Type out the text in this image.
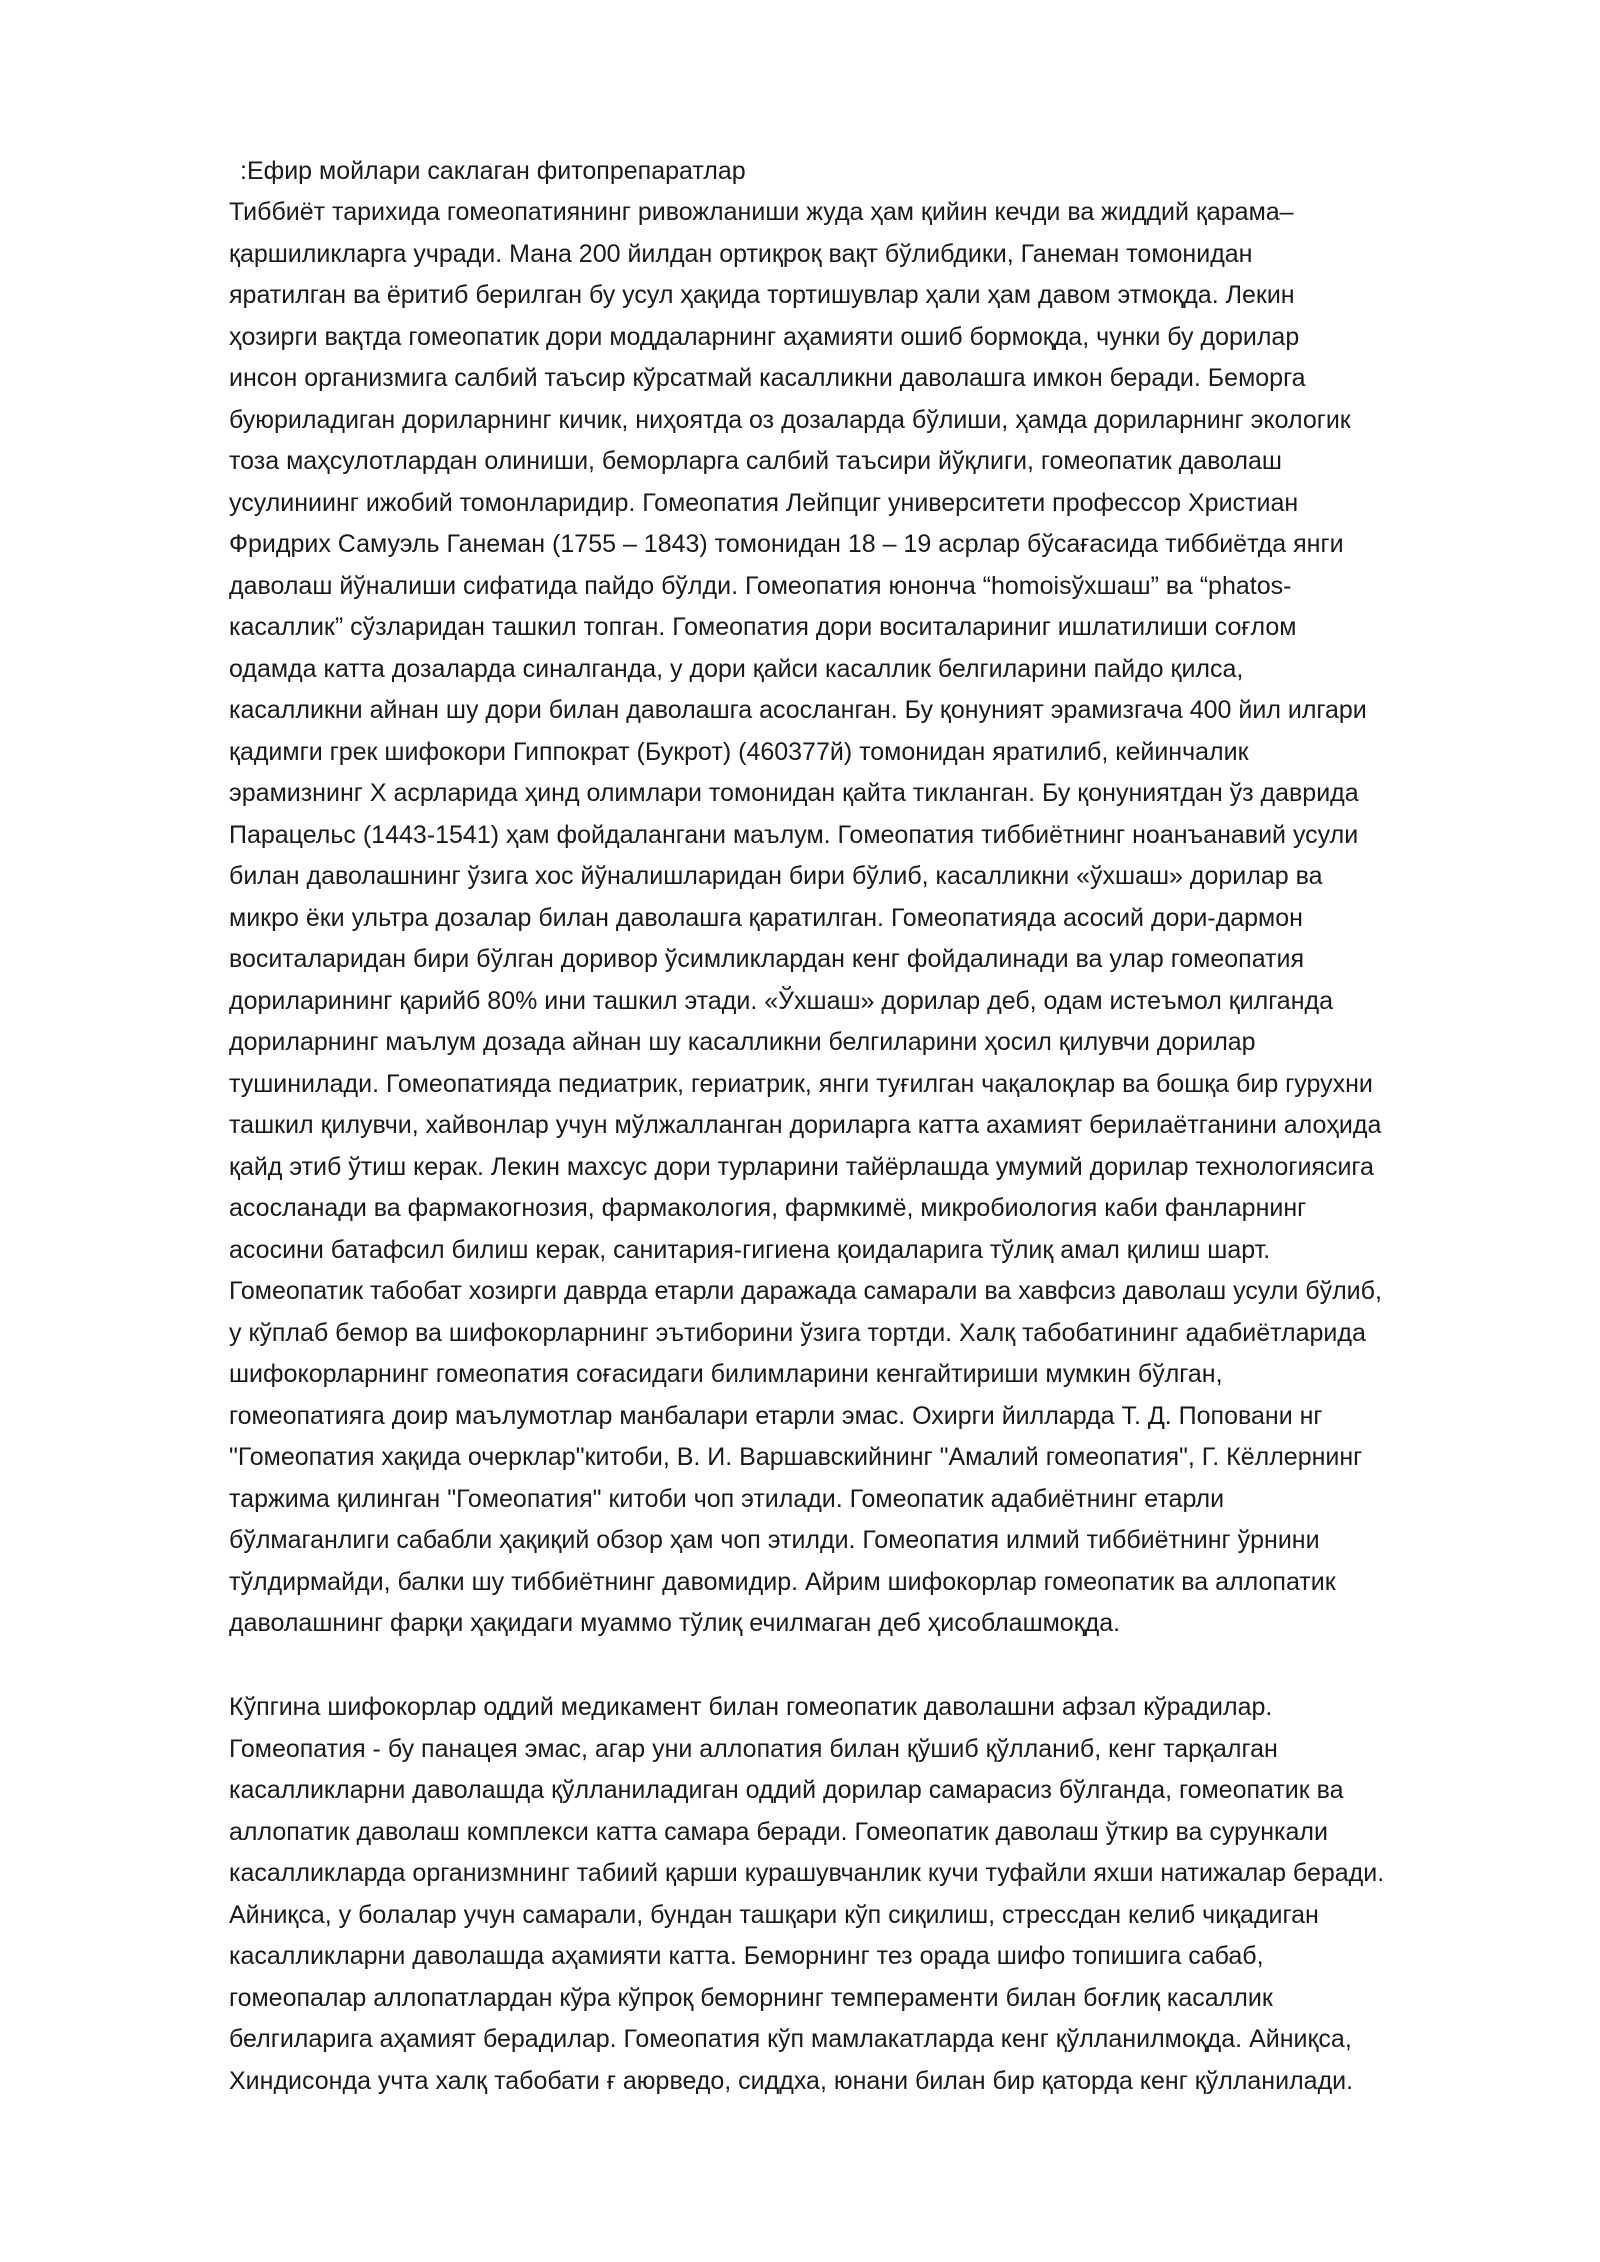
:Ефир мойлари саклаган фитопрепаратлар
Тиббиёт тарихида гомеопатиянинг ривожланиши жуда ҳам қийин кечди ва жиддий қарама–
қаршиликларга учради. Мана 200 йилдан ортиқроқ вақт бўлибдики, Ганеман томонидан
яратилган ва ёритиб берилган бу усул ҳақида тортишувлар ҳали ҳам давом этмоқда. Лекин
ҳозирги вақтда гомеопатик дори моддаларнинг аҳамияти ошиб бормоқда, чунки бу дорилар
инсон организмига салбий таъсир кўрсатмай касалликни даволашга имкон беради. Беморга
буюриладиган дориларнинг кичик, ниҳоятда оз дозаларда бўлиши, ҳамда дориларнинг экологик
тоза маҳсулотлардан олиниши, беморларга салбий таъсири йўқлиги, гомеопатик даволаш
усулиниинг ижобий томонларидир. Гомеопатия Лейпциг университети профессор Христиан
Фридрих Самуэль Ганеман (1755 – 1843) томонидан 18 – 19 асрлар бўсағасида тиббиётда янги
даволаш йўналиши сифатида пайдо бўлди. Гомеопатия юнонча “homoisўхшаш” ва “phatos-
касаллик” сўзларидан ташкил топган. Гомеопатия дори воситалариниг ишлатилиши соғлом
одамда катта дозаларда синалганда, у дори қайси касаллик белгиларини пайдо қилса,
касалликни айнан шу дори билан даволашга асосланган. Бу қонуният эрамизгача 400 йил илгари
қадимги грек шифокори Гиппократ (Букрот) (460377й) томонидан яратилиб, кейинчалик
эрамизнинг X асрларида ҳинд олимлари томонидан қайта тикланган. Бу қонуниятдан ўз даврида
Парацельс (1443-1541) ҳам фойдалангани маълум. Гомеопатия тиббиётнинг ноанъанавий усули
билан даволашнинг ўзига хос йўналишларидан бири бўлиб, касалликни «ўхшаш» дорилар ва
микро ёки ультра дозалар билан даволашга қаратилган. Гомеопатияда асосий дори-дармон
воситаларидан бири бўлган доривор ўсимликлардан кенг фойдалинади ва улар гомеопатия
дориларининг қарийб 80% ини ташкил этади. «Ўхшаш» дорилар деб, одам истеъмол қилганда
дориларнинг маълум дозада айнан шу касалликни белгиларини ҳосил қилувчи дорилар
тушинилади. Гомеопатияда педиатрик, гериатрик, янги туғилган чақалоқлар ва бошқа бир гурухни
ташкил қилувчи, хайвонлар учун мўлжалланган дориларга катта ахамият берилаётганини алоҳида
қайд этиб ўтиш керак. Лекин махсус дори турларини тайёрлашда умумий дорилар технологиясига
асосланади ва фармакогнозия, фармакология, фармкимё, микробиология каби фанларнинг
асосини батафсил билиш керак, санитария-гигиена қоидаларига тўлиқ амал қилиш шарт.
Гомеопатик табобат хозирги даврда етарли даражада самарали ва хавфсиз даволаш усули бўлиб,
у кўплаб бемор ва шифокорларнинг эътиборини ўзига тортди. Халқ табобатининг адабиётларида
шифокорларнинг гомеопатия соғасидаги билимларини кенгайтириши мумкин бўлган,
гомеопатияга доир маълумотлар манбалари етарли эмас. Охирги йилларда Т. Д. Поповани нг
"Гомеопатия хақида очерклар"китоби, В. И. Варшавскийнинг "Амалий гомеопатия", Г. Кёллернинг
таржима қилинган "Гомеопатия" китоби чоп этилади. Гомеопатик адабиётнинг етарли
бўлмаганлиги сабабли ҳақиқий обзор ҳам чоп этилди. Гомеопатия илмий тиббиётнинг ўрнини
тўлдирмайди, балки шу тиббиётнинг давомидир. Айрим шифокорлар гомеопатик ва аллопатик
даволашнинг фарқи ҳақидаги муаммо тўлиқ ечилмаган деб ҳисоблашмоқда.
Кўпгина шифокорлар оддий медикамент билан гомеопатик даволашни афзал кўрадилар.
Гомеопатия - бу панацея эмас, агар уни аллопатия билан қўшиб қўлланиб, кенг тарқалган
касалликларни даволашда қўлланиладиган оддий дорилар самарасиз бўлганда, гомеопатик ва
аллопатик даволаш комплекси катта самара беради. Гомеопатик даволаш ўткир ва сурункали
касалликларда организмнинг табиий қарши курашувчанлик кучи туфайли яхши натижалар беради.
Айниқса, у болалар учун самарали, бундан ташқари кўп сиқилиш, стрессдан келиб чиқадиган
касалликларни даволашда аҳамияти катта. Беморнинг тез орада шифо топишига сабаб,
гомеопалар аллопатлардан кўра кўпроқ беморнинг темпераменти билан боғлиқ касаллик
белгиларига аҳамият берадилар. Гомеопатия кўп мамлакатларда кенг қўлланилмоқда. Айниқса,
Хиндисонда учта халқ табобати ғ аюрведо, сиддха, юнани билан бир қаторда кенг қўлланилади.
